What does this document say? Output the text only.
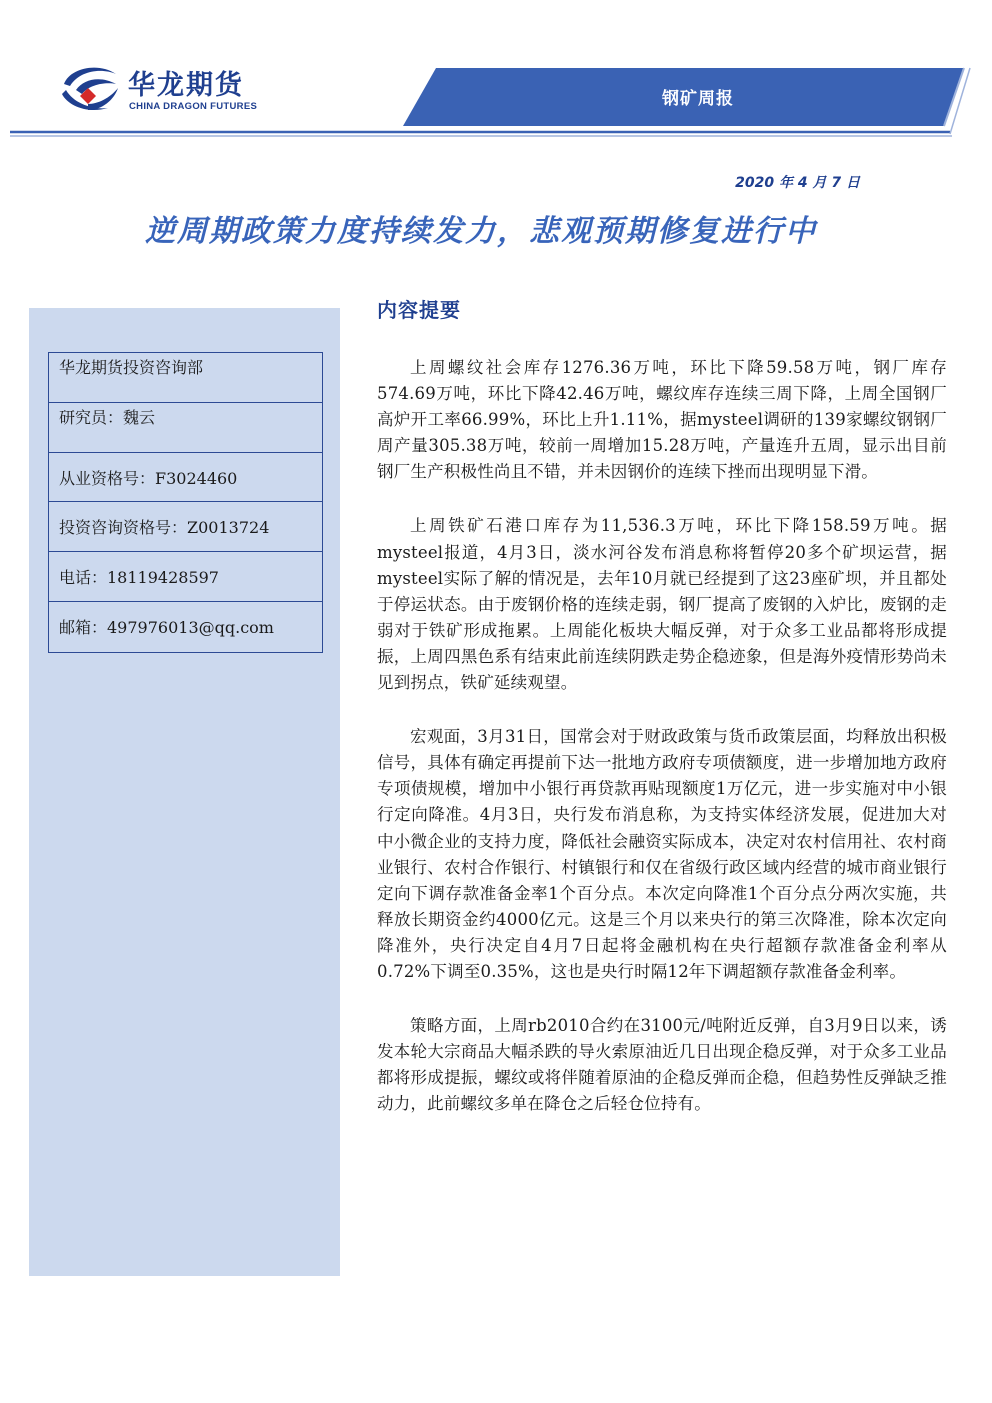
华龙期货
CHINA DRAGON FUTURES	钢矿周报
2020 年 4 月 7 日
逆周期政策力度持续发力，悲观预期修复进行中
华龙期货投资咨询部
研究员：魏云
从业资格号：F3024460
投资咨询资格号：Z0013724
电话：18119428597
邮箱：497976013@qq.com
内容提要

上周螺纹社会库存1276.36万吨，环比下降59.58万吨，钢厂库存574.69万吨，环比下降42.46万吨，螺纹库存连续三周下降，上周全国钢厂高炉开工率66.99%，环比上升1.11%，据mysteel调研的139家螺纹钢钢厂周产量305.38万吨，较前一周增加15.28万吨，产量连升五周，显示出目前钢厂生产积极性尚且不错，并未因钢价的连续下挫而出现明显下滑。

上周铁矿石港口库存为11,536.3万吨，环比下降158.59万吨。据mysteel报道，4月3日，淡水河谷发布消息称将暂停20多个矿坝运营，据mysteel实际了解的情况是，去年10月就已经提到了这23座矿坝，并且都处于停运状态。由于废钢价格的连续走弱，钢厂提高了废钢的入炉比，废钢的走弱对于铁矿形成拖累。上周能化板块大幅反弹，对于众多工业品都将形成提振，上周四黑色系有结束此前连续阴跌走势企稳迹象，但是海外疫情形势尚未见到拐点，铁矿延续观望。

宏观面，3月31日，国常会对于财政政策与货币政策层面，均释放出积极信号，具体有确定再提前下达一批地方政府专项债额度，进一步增加地方政府专项债规模，增加中小银行再贷款再贴现额度1万亿元，进一步实施对中小银行定向降准。4月3日，央行发布消息称，为支持实体经济发展，促进加大对中小微企业的支持力度，降低社会融资实际成本，决定对农村信用社、农村商业银行、农村合作银行、村镇银行和仅在省级行政区域内经营的城市商业银行定向下调存款准备金率1个百分点。本次定向降准1个百分点分两次实施，共释放长期资金约4000亿元。这是三个月以来央行的第三次降准，除本次定向降准外，央行决定自4月7日起将金融机构在央行超额存款准备金利率从0.72%下调至0.35%，这也是央行时隔12年下调超额存款准备金利率。

策略方面，上周rb2010合约在3100元/吨附近反弹，自3月9日以来，诱发本轮大宗商品大幅杀跌的导火索原油近几日出现企稳反弹，对于众多工业品都将形成提振，螺纹或将伴随着原油的企稳反弹而企稳，但趋势性反弹缺乏推动力，此前螺纹多单在降仓之后轻仓位持有。
